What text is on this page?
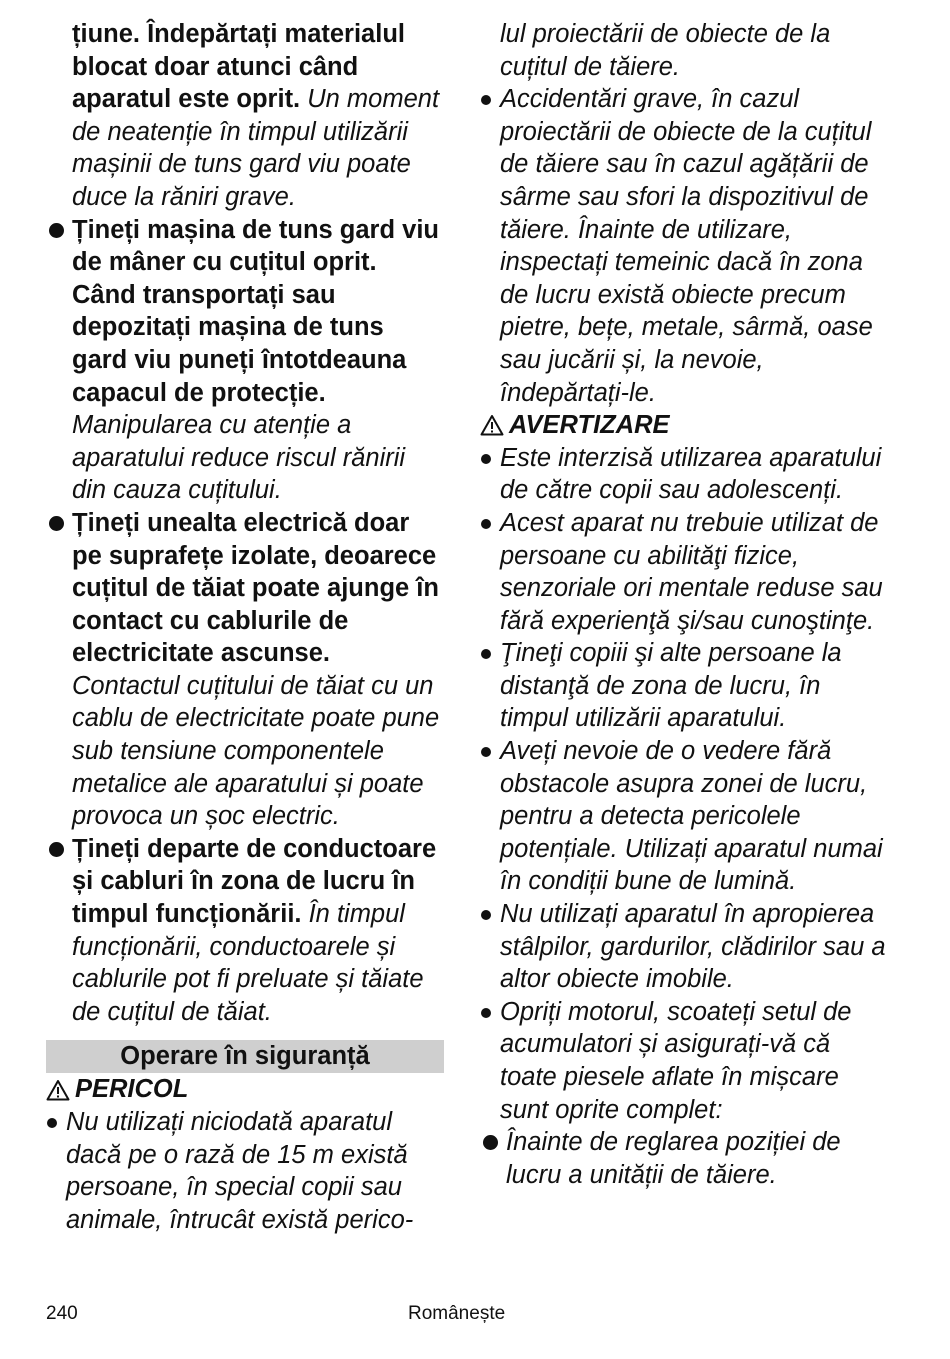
țiune. Îndepărtați materialul blocat doar atunci când aparatul este oprit. Un moment de neatenție în timpul utilizării mașinii de tuns gard viu poate duce la răniri grave.

Țineți mașina de tuns gard viu de mâner cu cuțitul oprit. Când transportați sau depozitați mașina de tuns gard viu puneți întotdeauna capacul de protecție. Manipularea cu atenție a aparatului reduce riscul rănirii din cauza cuțitului.

Țineți unealta electrică doar pe suprafețe izolate, deoarece cuțitul de tăiat poate ajunge în contact cu cablurile de electricitate ascunse. Contactul cuțitului de tăiat cu un cablu de electricitate poate pune sub tensiune componentele metalice ale aparatului și poate provoca un șoc electric.

Țineți departe de conductoare și cabluri în zona de lucru în timpul funcționării. În timpul funcționării, conductoarele și cablurile pot fi preluate și tăiate de cuțitul de tăiat.

Operare în siguranță

PERICOL

Nu utilizați niciodată aparatul dacă pe o rază de 15 m există persoane, în special copii sau animale, întrucât există perico-

lul proiectării de obiecte de la cuțitul de tăiere.

Accidentări grave, în cazul proiectării de obiecte de la cuțitul de tăiere sau în cazul agățării de sârme sau sfori la dispozitivul de tăiere. Înainte de utilizare, inspectați temeinic dacă în zona de lucru există obiecte precum pietre, bețe, metale, sârmă, oase sau jucării și, la nevoie, îndepărtați-le.

AVERTIZARE

Este interzisă utilizarea aparatului de către copii sau adolescenți.

Acest aparat nu trebuie utilizat de persoane cu abilităţi fizice, senzoriale ori mentale reduse sau fără experienţă şi/sau cunoştinţe.

Ţineţi copiii şi alte persoane la distanţă de zona de lucru, în timpul utilizării aparatului.

Aveți nevoie de o vedere fără obstacole asupra zonei de lucru, pentru a detecta pericolele potențiale. Utilizați aparatul numai în condiții bune de lumină.

Nu utilizați aparatul în apropierea stâlpilor, gardurilor, clădirilor sau a altor obiecte imobile.

Opriți motorul, scoateți setul de acumulatori și asigurați-vă că toate piesele aflate în mișcare sunt oprite complet:

Înainte de reglarea poziției de lucru a unității de tăiere.

240	Românește
